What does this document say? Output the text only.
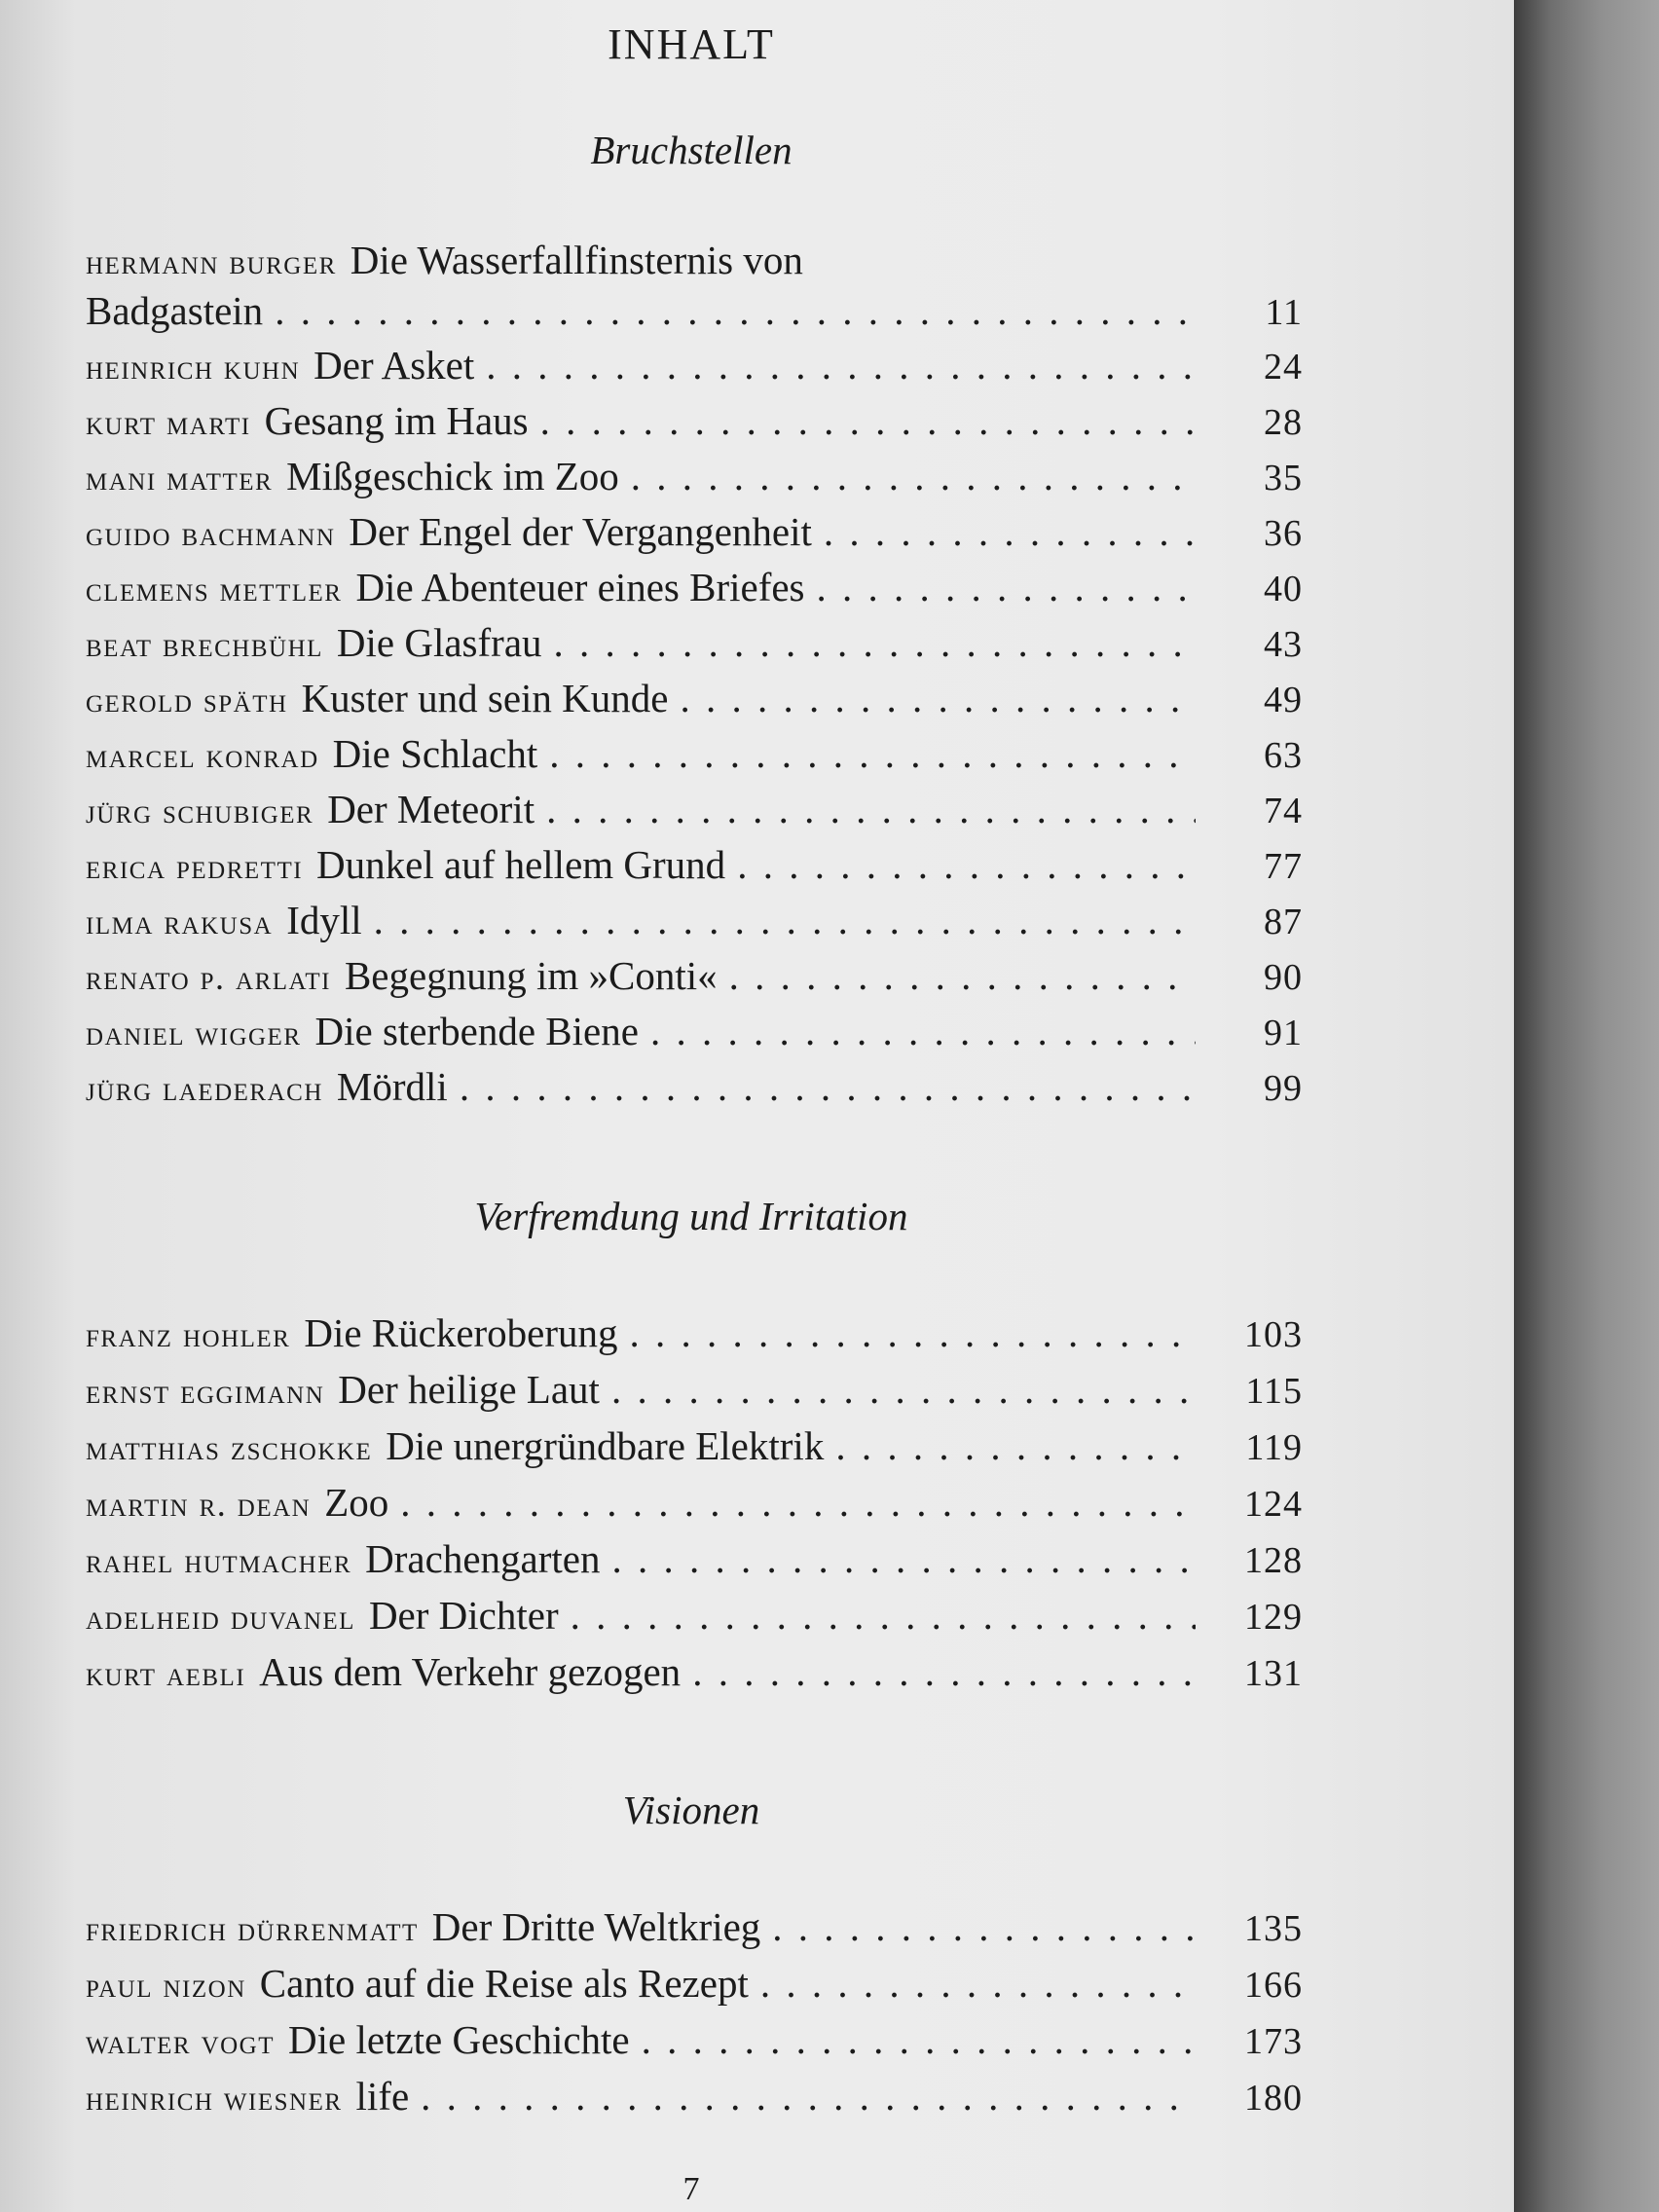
INHALT
Bruchstellen
hermann burger Die Wasserfallfinsternis von
Badgastein . . .	11
heinrich kuhn Der Asket . . .	24
kurt marti Gesang im Haus . . .	28
mani matter Mißgeschick im Zoo . . .	35
guido bachmann Der Engel der Vergangenheit . . .	36
clemens mettler Die Abenteuer eines Briefes . . .	40
beat brechbühl Die Glasfrau . . .	43
gerold späth Kuster und sein Kunde . . .	49
marcel konrad Die Schlacht . . .	63
jürg schubiger Der Meteorit . . .	74
erica pedretti Dunkel auf hellem Grund . . .	77
ilma rakusa Idyll . . .	87
renato p. arlati Begegnung im »Conti« . . .	90
daniel wigger Die sterbende Biene . . .	91
jürg laederach Mördli . . .	99
Verfremdung und Irritation
franz hohler Die Rückeroberung . . .	103
ernst eggimann Der heilige Laut . . .	115
matthias zschokke Die unergründbare Elektrik . . .	119
martin r. dean Zoo . . .	124
rahel hutmacher Drachengarten . . .	128
adelheid duvanel Der Dichter . . .	129
kurt aebli Aus dem Verkehr gezogen . . .	131
Visionen
friedrich dürrenmatt Der Dritte Weltkrieg . . .	135
paul nizon Canto auf die Reise als Rezept . . .	166
walter vogt Die letzte Geschichte . . .	173
heinrich wiesner life . . .	180
7
